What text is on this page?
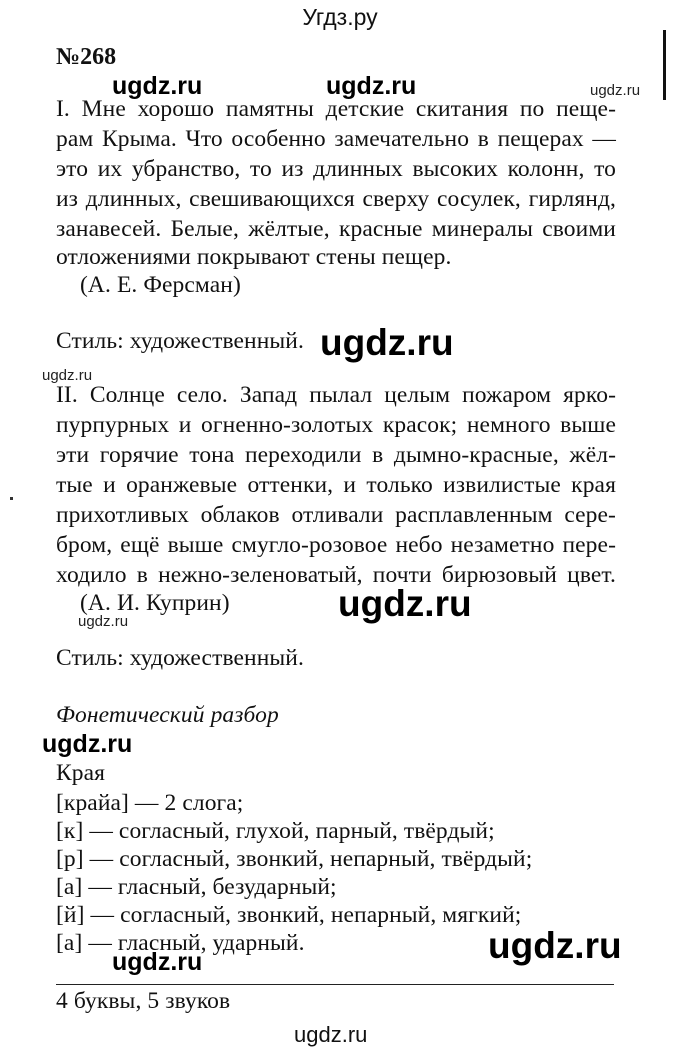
Угдз.ру
№268
I. Мне хорошо памятны детские скитания по пеще-
рам Крыма. Что особенно замечательно в пещерах —
это их убранство, то из длинных высоких колонн, то
из длинных, свешивающихся сверху сосулек, гирлянд,
занавесей. Белые, жёлтые, красные минералы своими
отложениями покрывают стены пещер.
(А. Е. Ферсман)
Стиль: художественный.
II. Солнце село. Запад пылал целым пожаром ярко-
пурпурных и огненно-золотых красок; немного выше
эти горячие тона переходили в дымно-красные, жёл-
тые и оранжевые оттенки, и только извилистые края
прихотливых облаков отливали расплавленным сере-
бром, ещё выше смугло-розовое небо незаметно пере-
ходило в нежно-зеленоватый, почти бирюзовый цвет.
(А. И. Куприн)
Стиль: художественный.
Фонетический разбор
Края
[крайа] — 2 слога;
[к] — согласный, глухой, парный, твёрдый;
[р] — согласный, звонкий, непарный, твёрдый;
[а] — гласный, безударный;
[й] — согласный, звонкий, непарный, мягкий;
[а] — гласный, ударный.
4 буквы, 5 звуков
ugdz.ru	ugdz.ru	ugdz.ru
ugdz.ru
ugdz.ru
ugdz.ru
ugdz.ru
ugdz.ru
ugdz.ru
ugdz.ru
ugdz.ru
